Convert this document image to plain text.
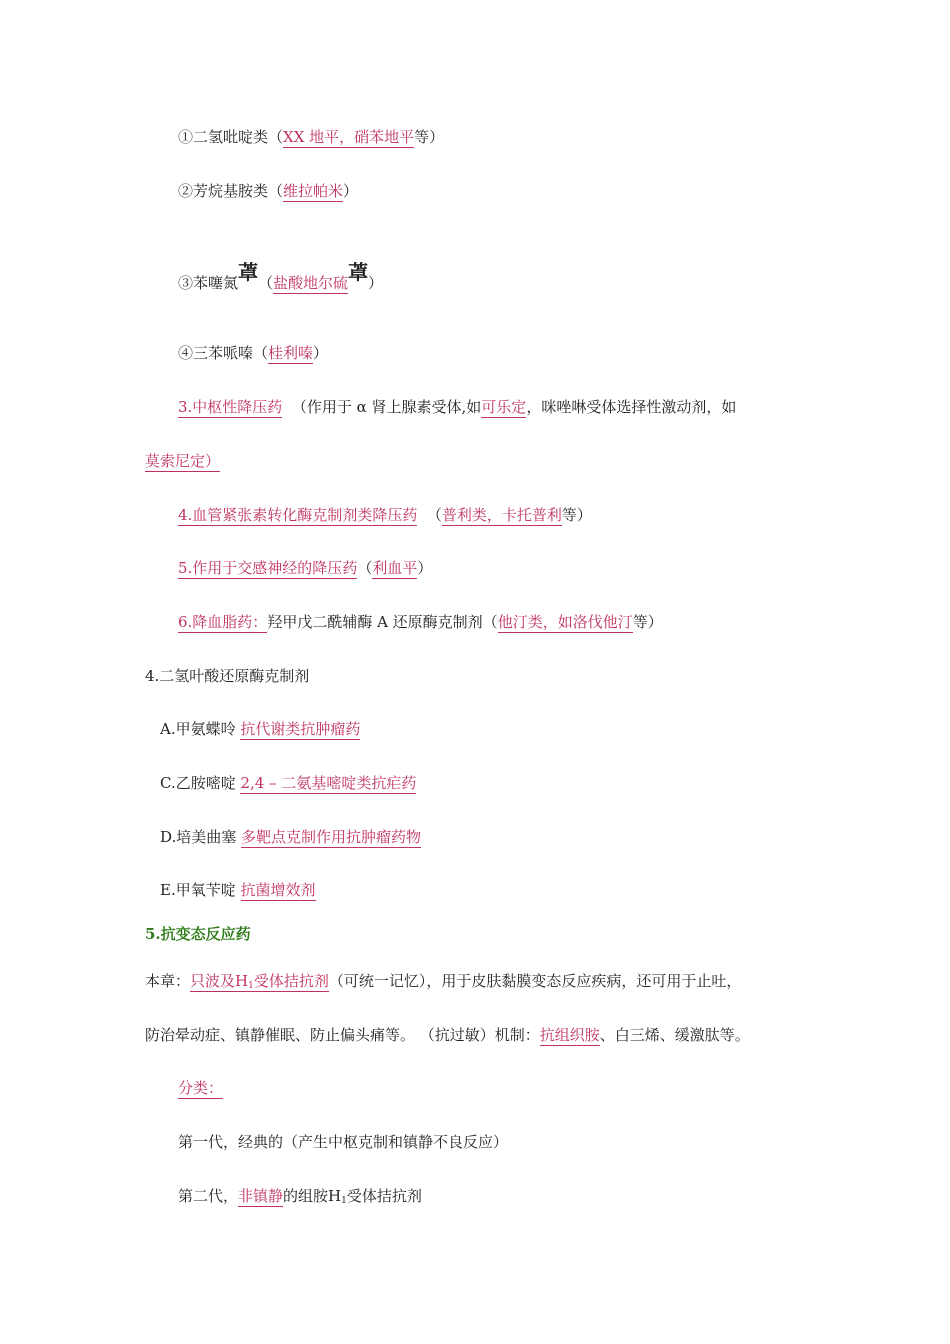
①二氢吡啶类（XX 地平，硝苯地平等）
②芳烷基胺类（维拉帕米）
③苯噻氮䓬（盐酸地尔硫䓬）
④三苯哌嗪（桂利嗪）
3.中枢性降压药  （作用于 α 肾上腺素受体,如可乐定，咪唑啉受体选择性激动剂，如
莫索尼定）
4.血管紧张素转化酶克制剂类降压药  （普利类，卡托普利等）
5.作用于交感神经的降压药（利血平）
6.降血脂药：羟甲戊二酰辅酶 A 还原酶克制剂（他汀类，如洛伐他汀等）
4.二氢叶酸还原酶克制剂
A.甲氨蝶呤 抗代谢类抗肿瘤药
C.乙胺嘧啶 2,4 – 二氨基嘧啶类抗疟药
D.培美曲塞 多靶点克制作用抗肿瘤药物
E.甲氧苄啶 抗菌增效剂
5.抗变态反应药
本章：只波及$H_1$受体拮抗剂（可统一记忆），用于皮肤黏膜变态反应疾病，还可用于止吐，
防治晕动症、镇静催眠、防止偏头痛等。 （抗过敏）机制：抗组织胺、白三烯、缓激肽等。
分类：
第一代，经典的（产生中枢克制和镇静不良反应）
第二代，非镇静的组胺$H_1$受体拮抗剂
